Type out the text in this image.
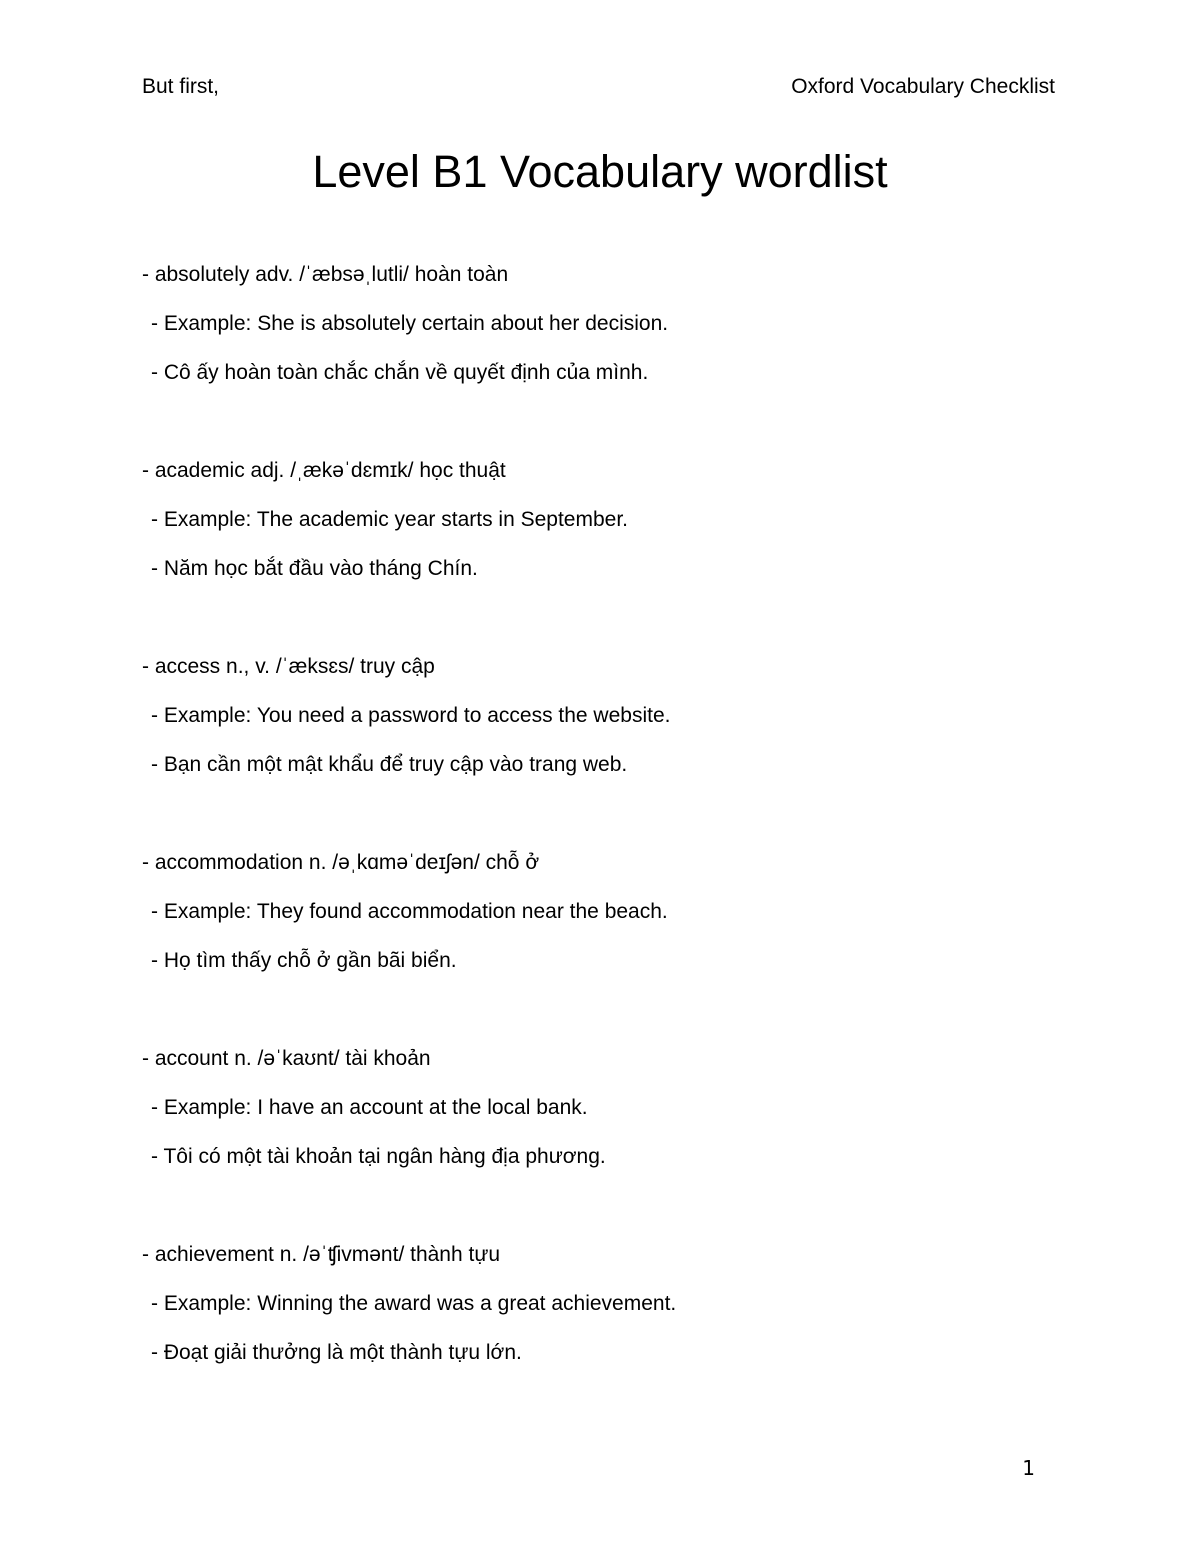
But first,	Oxford Vocabulary Checklist
Level B1 Vocabulary wordlist
- absolutely adv. /ˈæbsəˌlutli/ hoàn toàn
- Example: She is absolutely certain about her decision.
- Cô ấy hoàn toàn chắc chắn về quyết định của mình.
- academic adj. /ˌækəˈdɛmɪk/ học thuật
- Example: The academic year starts in September.
- Năm học bắt đầu vào tháng Chín.
- access n., v. /ˈæksɛs/ truy cập
- Example: You need a password to access the website.
- Bạn cần một mật khẩu để truy cập vào trang web.
- accommodation n. /əˌkɑməˈdeɪʃən/ chỗ ở
- Example: They found accommodation near the beach.
- Họ tìm thấy chỗ ở gần bãi biển.
- account n. /əˈkaʊnt/ tài khoản
- Example: I have an account at the local bank.
- Tôi có một tài khoản tại ngân hàng địa phương.
- achievement n. /əˈʧivmənt/ thành tựu
- Example: Winning the award was a great achievement.
- Đoạt giải thưởng là một thành tựu lớn.
1
